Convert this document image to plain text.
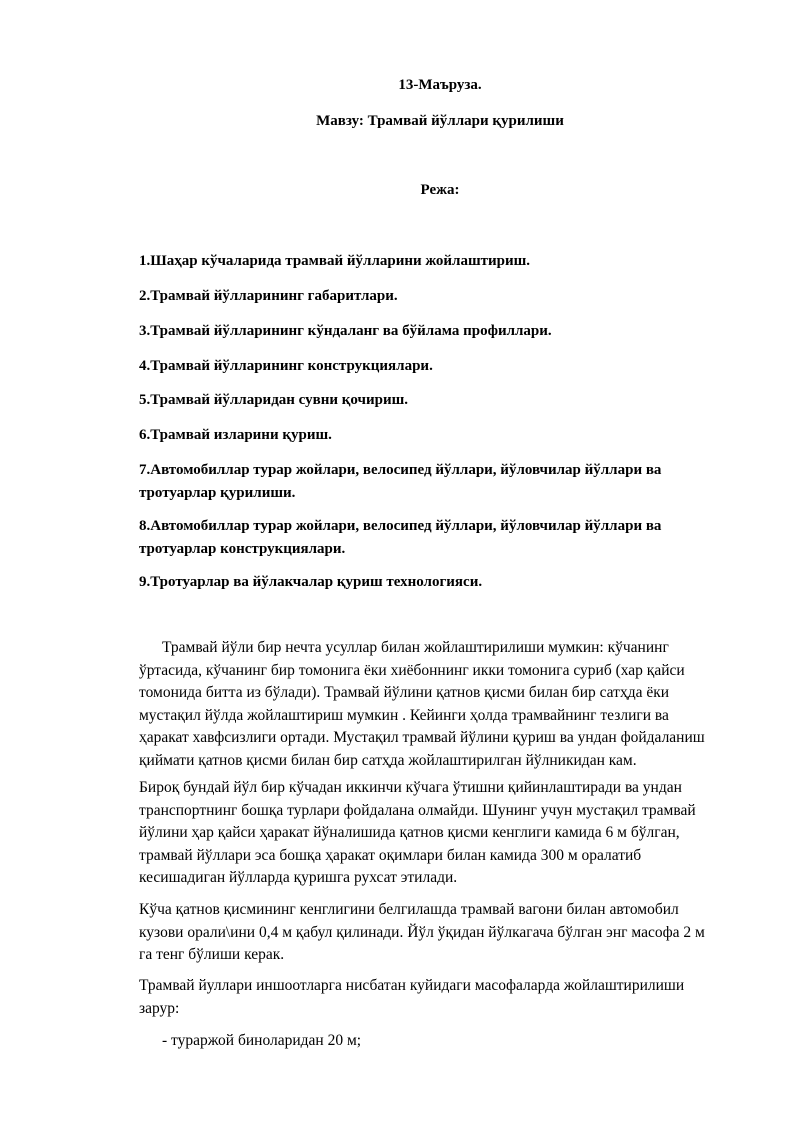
13-Маъруза.
Мавзу: Трамвай йўллари қурилиши
Режа:
1.Шаҳар кўчаларида трамвай йўлларини жойлаштириш.
2.Трамвай йўлларининг габаритлари.
3.Трамвай йўлларининг кўндаланг ва бўйлама профиллари.
4.Трамвай йўлларининг конструкциялари.
5.Трамвай йўлларидан сувни қочириш.
6.Трамвай изларини қуриш.
7.Автомобиллар турар жойлари, велосипед йўллари, йўловчилар йўллари ва
тротуарлар қурилиши.
8.Автомобиллар турар жойлари, велосипед йўллари, йўловчилар йўллари ва
тротуарлар конструкциялари.
9.Тротуарлар ва йўлакчалар қуриш технологияси.
Трамвай йўли бир нечта усуллар билан жойлаштирилиши мумкин: кўчанинг
ўртасида, кўчанинг бир томонига ёки хиёбоннинг икки томонига суриб (хар қайси
томонида битта из бўлади). Трамвай йўлини қатнов қисми билан бир сатҳда ёки
мустақил йўлда жойлаштириш мумкин . Кейинги ҳолда трамвайнинг тезлиги ва
ҳаракат хавфсизлиги ортади. Мустақил трамвай йўлини қуриш ва ундан фойдаланиш
қиймати қатнов қисми билан бир сатҳда жойлаштирилган йўлникидан кам.
Бироқ бундай йўл бир кўчадан иккинчи кўчага ўтишни қийинлаштиради ва ундан
транспортнинг бошқа турлари фойдалана олмайди. Шунинг учун мустақил трамвай
йўлини ҳар қайси ҳаракат йўналишида қатнов қисми кенглиги камида 6 м бўлган,
трамвай йўллари эса бошқа ҳаракат оқимлари билан камида 300 м оралатиб
кесишадиган йўлларда қуришга рухсат этилади.
Кўча қатнов қисмининг кенглигини белгилашда трамвай вагони билан автомобил
кузови орали\ини 0,4 м қабул қилинади. Йўл ўқидан йўлкагача бўлган энг масофа 2 м
га тенг бўлиши керак.
Трамвай йуллари иншоотларга нисбатан куйидаги масофаларда жойлаштирилиши
зарур:
- тураржой биноларидан 20 м;
